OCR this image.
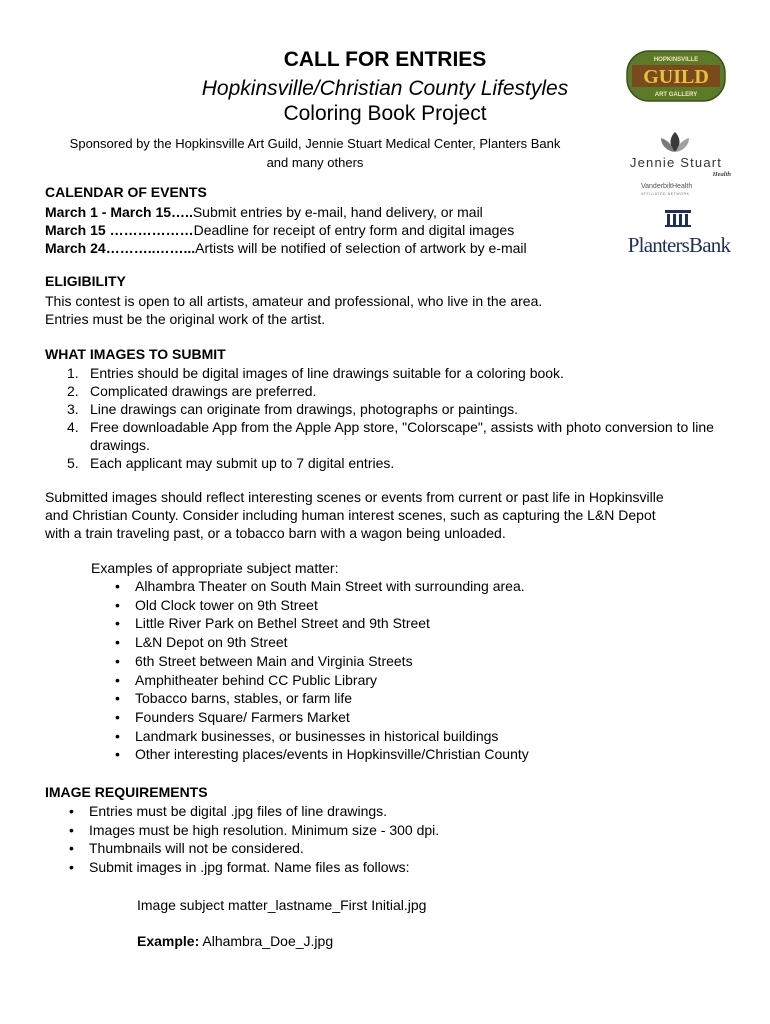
CALL FOR ENTRIES
Hopkinsville/Christian County Lifestyles
Coloring Book Project
Sponsored by the Hopkinsville Art Guild, Jennie Stuart Medical Center, Planters Bank
and many others
HOPKINSVILLE
GUILD
ART GALLERY
Jennie Stuart
Health
VanderbiltHealth
AFFILIATED NETWORK
PlantersBank
CALENDAR OF EVENTS
March 1 - March 15…..Submit entries by e-mail, hand delivery, or mail
March 15 ………………Deadline for receipt of entry form and digital images
March 24………..……...Artists will be notified of selection of artwork by e-mail
ELIGIBILITY
This contest is open to all artists, amateur and professional, who live in the area.
Entries must be the original work of the artist.
WHAT IMAGES TO SUBMIT
1. Entries should be digital images of line drawings suitable for a coloring book.
2. Complicated drawings are preferred.
3. Line drawings can originate from drawings, photographs or paintings.
4. Free downloadable App from the Apple App store, "Colorscape", assists with photo conversion to line drawings.
5. Each applicant may submit up to 7 digital entries.
Submitted images should reflect interesting scenes or events from current or past life in Hopkinsville
and Christian County. Consider including human interest scenes, such as capturing the L&N Depot
with a train traveling past, or a tobacco barn with a wagon being unloaded.
Examples of appropriate subject matter:
• Alhambra Theater on South Main Street with surrounding area.
• Old Clock tower on 9th Street
• Little River Park on Bethel Street and 9th Street
• L&N Depot on 9th Street
• 6th Street between Main and Virginia Streets
• Amphitheater behind CC Public Library
• Tobacco barns, stables, or farm life
• Founders Square/ Farmers Market
• Landmark businesses, or businesses in historical buildings
• Other interesting places/events in Hopkinsville/Christian County
IMAGE REQUIREMENTS
• Entries must be digital .jpg files of line drawings.
• Images must be high resolution. Minimum size - 300 dpi.
• Thumbnails will not be considered.
• Submit images in .jpg format. Name files as follows:
Image subject matter_lastname_First Initial.jpg
Example: Alhambra_Doe_J.jpg
